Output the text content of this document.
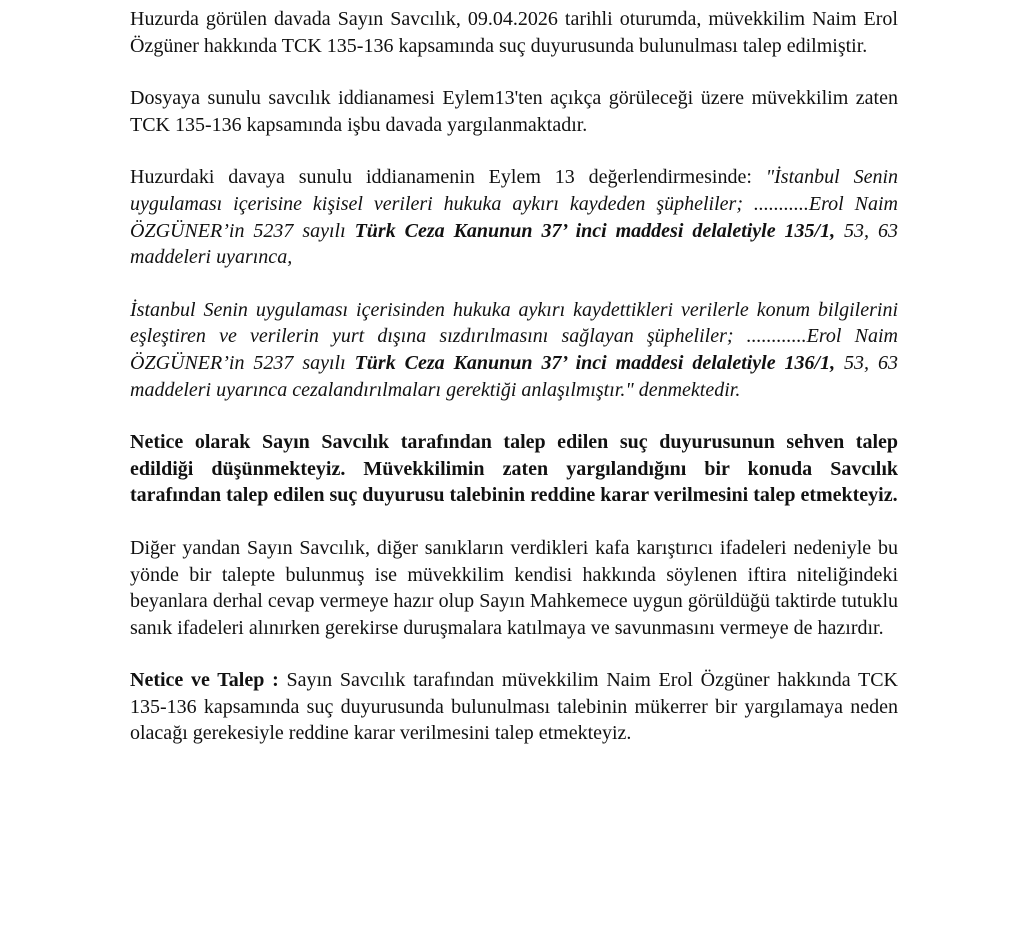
Huzurda görülen davada Sayın Savcılık, 09.04.2026 tarihli oturumda, müvekkilim Naim Erol Özgüner hakkında TCK 135-136 kapsamında suç duyurusunda bulunulması talep edilmiştir.

Dosyaya sunulu savcılık iddianamesi Eylem13'ten açıkça görüleceği üzere müvekkilim zaten TCK 135-136 kapsamında işbu davada yargılanmaktadır.

Huzurdaki davaya sunulu iddianamenin Eylem 13 değerlendirmesinde: "İstanbul Senin uygulaması içerisine kişisel verileri hukuka aykırı kaydeden şüpheliler; ...........Erol Naim ÖZGÜNER’in 5237 sayılı Türk Ceza Kanunun 37’ inci maddesi delaletiyle 135/1, 53, 63 maddeleri uyarınca,

İstanbul Senin uygulaması içerisinden hukuka aykırı kaydettikleri verilerle konum bilgilerini eşleştiren ve verilerin yurt dışına sızdırılmasını sağlayan şüpheliler; ............Erol Naim ÖZGÜNER’in 5237 sayılı Türk Ceza Kanunun 37’ inci maddesi delaletiyle 136/1, 53, 63 maddeleri uyarınca cezalandırılmaları gerektiği anlaşılmıştır." denmektedir.

Netice olarak Sayın Savcılık tarafından talep edilen suç duyurusunun sehven talep edildiği düşünmekteyiz. Müvekkilimin zaten yargılandığını bir konuda Savcılık tarafından talep edilen suç duyurusu talebinin reddine karar verilmesini talep etmekteyiz.

Diğer yandan Sayın Savcılık, diğer sanıkların verdikleri kafa karıştırıcı ifadeleri nedeniyle bu yönde bir talepte bulunmuş ise müvekkilim kendisi hakkında söylenen iftira niteliğindeki beyanlara derhal cevap vermeye hazır olup Sayın Mahkemece uygun görüldüğü taktirde tutuklu sanık ifadeleri alınırken gerekirse duruşmalara katılmaya ve savunmasını vermeye de hazırdır.

Netice ve Talep : Sayın Savcılık tarafından müvekkilim Naim Erol Özgüner hakkında TCK 135-136 kapsamında suç duyurusunda bulunulması talebinin mükerrer bir yargılamaya neden olacağı gerekesiyle reddine karar verilmesini talep etmekteyiz.
